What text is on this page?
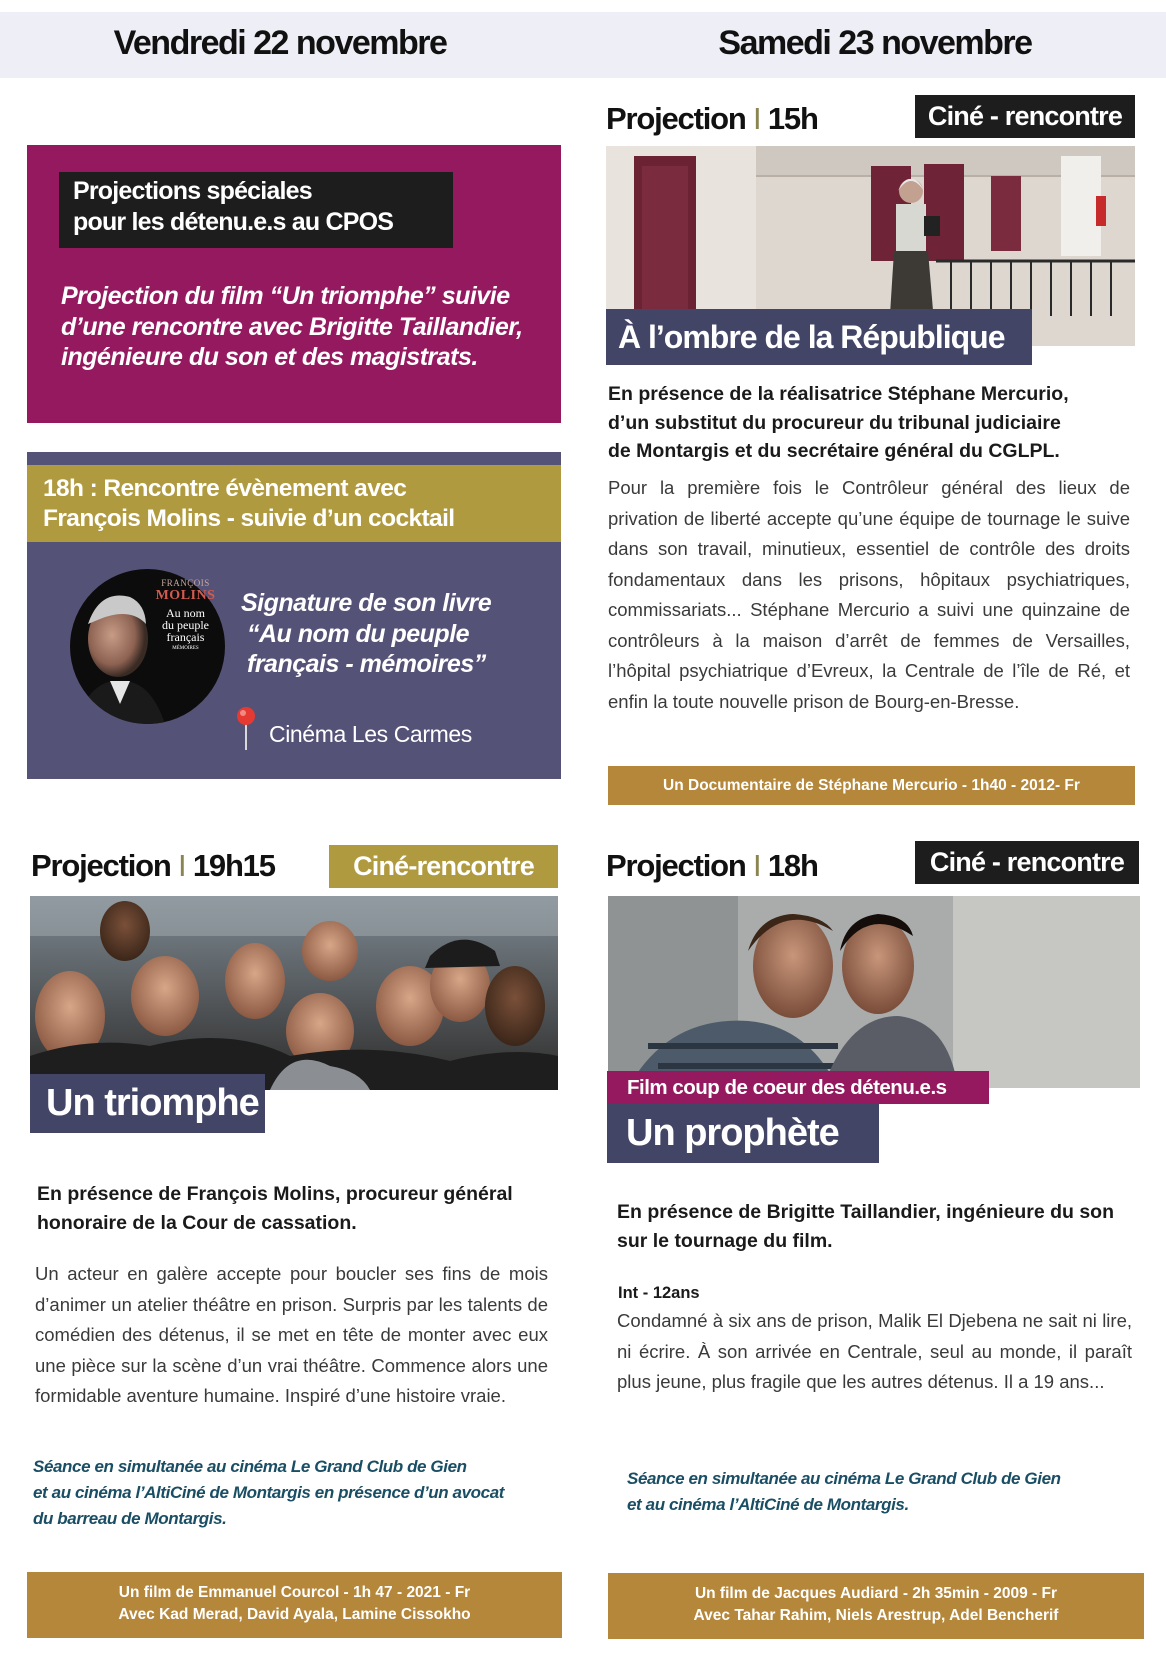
Vendredi 22 novembre	Samedi 23 novembre
Projections spéciales
pour les détenu.e.s au CPOS
Projection du film “Un triomphe” suivie
d’une rencontre avec Brigitte Taillandier,
ingénieure du son et des magistrats.
18h : Rencontre évènement avec
François Molins - suivie d’un cocktail
FRANÇOIS
MOLINS
Au nom
du peuple
français
MÉMOIRES
Signature de son livre
“Au nom du peuple
français - mémoires”
Cinéma Les Carmes
Projection I 19h15	Ciné-rencontre
Un triomphe
En présence de François Molins, procureur général
honoraire de la Cour de cassation.
Un acteur en galère accepte pour boucler ses fins de mois d’animer un atelier théâtre en prison. Surpris par les talents de comédien des détenus, il se met en tête de monter avec eux une pièce sur la scène d’un vrai théâtre. Commence alors une formidable aventure humaine. Inspiré d’une histoire vraie.
Séance en simultanée au cinéma Le Grand Club de Gien
et au cinéma l’AltiCiné de Montargis en présence d’un avocat
du barreau de Montargis.
Un film de Emmanuel Courcol - 1h 47 - 2021 - Fr
Avec Kad Merad, David Ayala, Lamine Cissokho
Projection I 15h	Ciné - rencontre
À l’ombre de la République
En présence de la réalisatrice Stéphane Mercurio,
d’un substitut du procureur du tribunal judiciaire
de Montargis et du secrétaire général du CGLPL.
Pour la première fois le Contrôleur général des lieux de privation de liberté accepte qu’une équipe de tournage le suive dans son travail, minutieux, essentiel de contrôle des droits fondamentaux dans les prisons, hôpitaux psychiatriques, commissariats... Stéphane Mercurio a suivi une quinzaine de contrôleurs à la maison d’arrêt de femmes de Versailles, l’hôpital psychiatrique d’Evreux, la Centrale de l’île de Ré, et enfin la toute nouvelle prison de Bourg-en-Bresse.
Un Documentaire de Stéphane Mercurio - 1h40 - 2012- Fr
Projection I 18h	Ciné - rencontre
Film coup de coeur des détenu.e.s
Un prophète
En présence de Brigitte Taillandier, ingénieure du son
sur le tournage du film.
Int - 12ans
Condamné à six ans de prison, Malik El Djebena ne sait ni lire, ni écrire. À son arrivée en Centrale, seul au monde, il paraît plus jeune, plus fragile que les autres détenus. Il a 19 ans...
Séance en simultanée au cinéma Le Grand Club de Gien
et au cinéma l’AltiCiné de Montargis.
Un film de Jacques Audiard - 2h 35min - 2009 - Fr
Avec Tahar Rahim, Niels Arestrup, Adel Bencherif
